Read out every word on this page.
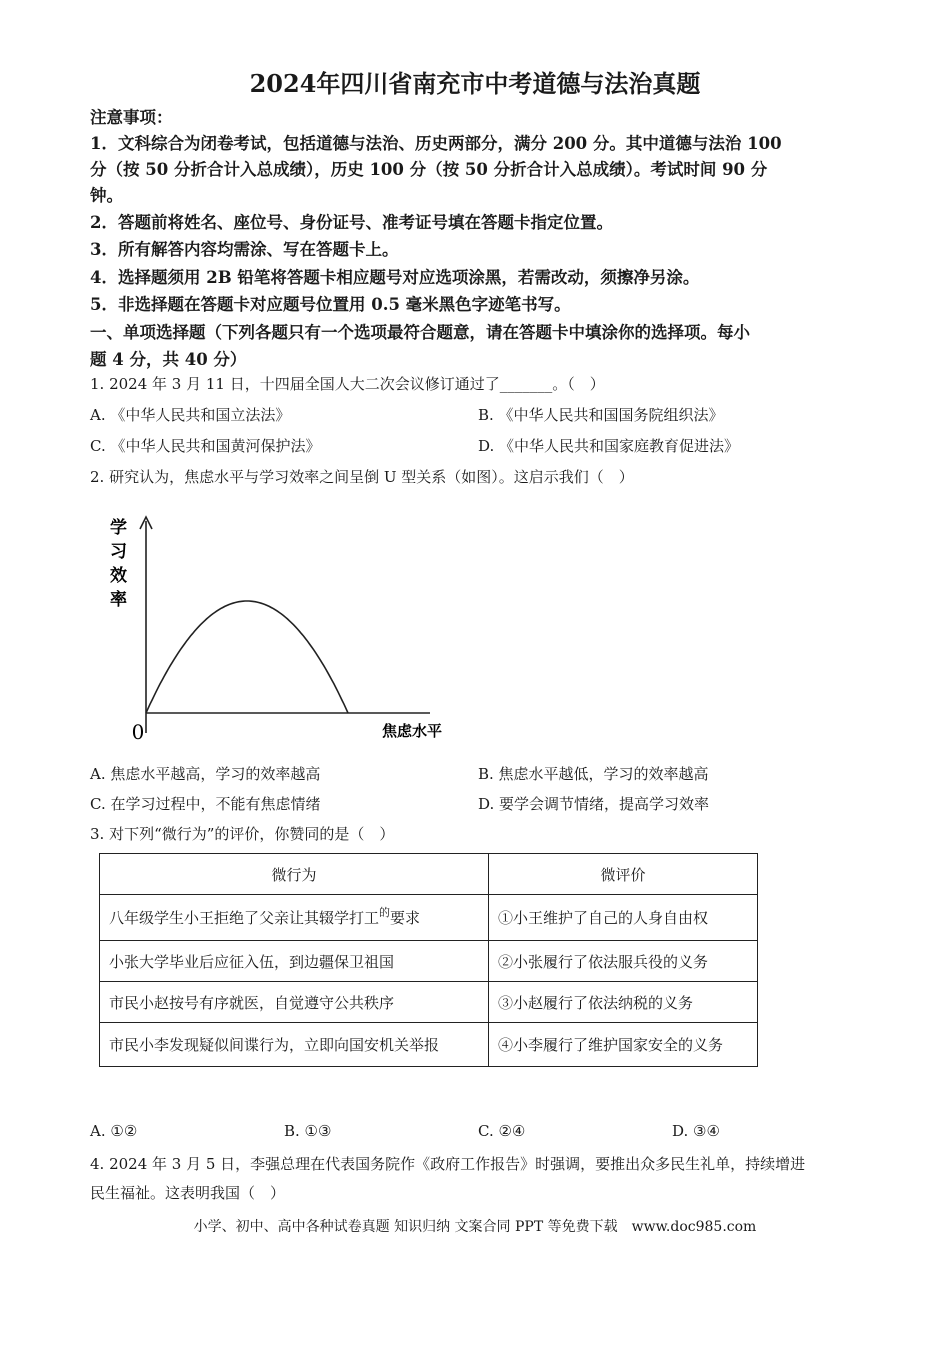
2024年四川省南充市中考道德与法治真题
注意事项：
1．文科综合为闭卷考试，包括道德与法治、历史两部分，满分 200 分。其中道德与法治 100
分（按 50 分折合计入总成绩），历史 100 分（按 50 分折合计入总成绩）。考试时间 90 分
钟。
2．答题前将姓名、座位号、身份证号、准考证号填在答题卡指定位置。
3．所有解答内容均需涂、写在答题卡上。
4．选择题须用 2B 铅笔将答题卡相应题号对应选项涂黑，若需改动，须擦净另涂。
5．非选择题在答题卡对应题号位置用 0.5 毫米黑色字迹笔书写。
一、单项选择题（下列各题只有一个选项最符合题意，请在答题卡中填涂你的选择项。每小
题 4 分，共 40 分）
1. 2024 年 3 月 11 日，十四届全国人大二次会议修订通过了_______。（　）
A. 《中华人民共和国立法法》	B. 《中华人民共和国国务院组织法》
C. 《中华人民共和国黄河保护法》	D. 《中华人民共和国家庭教育促进法》
2. 研究认为，焦虑水平与学习效率之间呈倒 U 型关系（如图）。这启示我们（　）
学
习
效
率
0	焦虑水平
A. 焦虑水平越高，学习的效率越高	B. 焦虑水平越低，学习的效率越高
C. 在学习过程中，不能有焦虑情绪	D. 要学会调节情绪，提高学习效率
3. 对下列“微行为”的评价，你赞同的是（　）
微行为	微评价
八年级学生小王拒绝了父亲让其辍学打工$^的$要求	①小王维护了自己的人身自由权
小张大学毕业后应征入伍，到边疆保卫祖国	②小张履行了依法服兵役的义务
市民小赵按号有序就医，自觉遵守公共秩序	③小赵履行了依法纳税的义务
市民小李发现疑似间谍行为，立即向国安机关举报	④小李履行了维护国家安全的义务
A. ①②	B. ①③	C. ②④	D. ③④
4. 2024 年 3 月 5 日，李强总理在代表国务院作《政府工作报告》时强调，要推出众多民生礼单，持续增进
民生福祉。这表明我国（　）
小学、初中、高中各种试卷真题 知识归纳 文案合同 PPT 等免费下载　www.doc985.com
